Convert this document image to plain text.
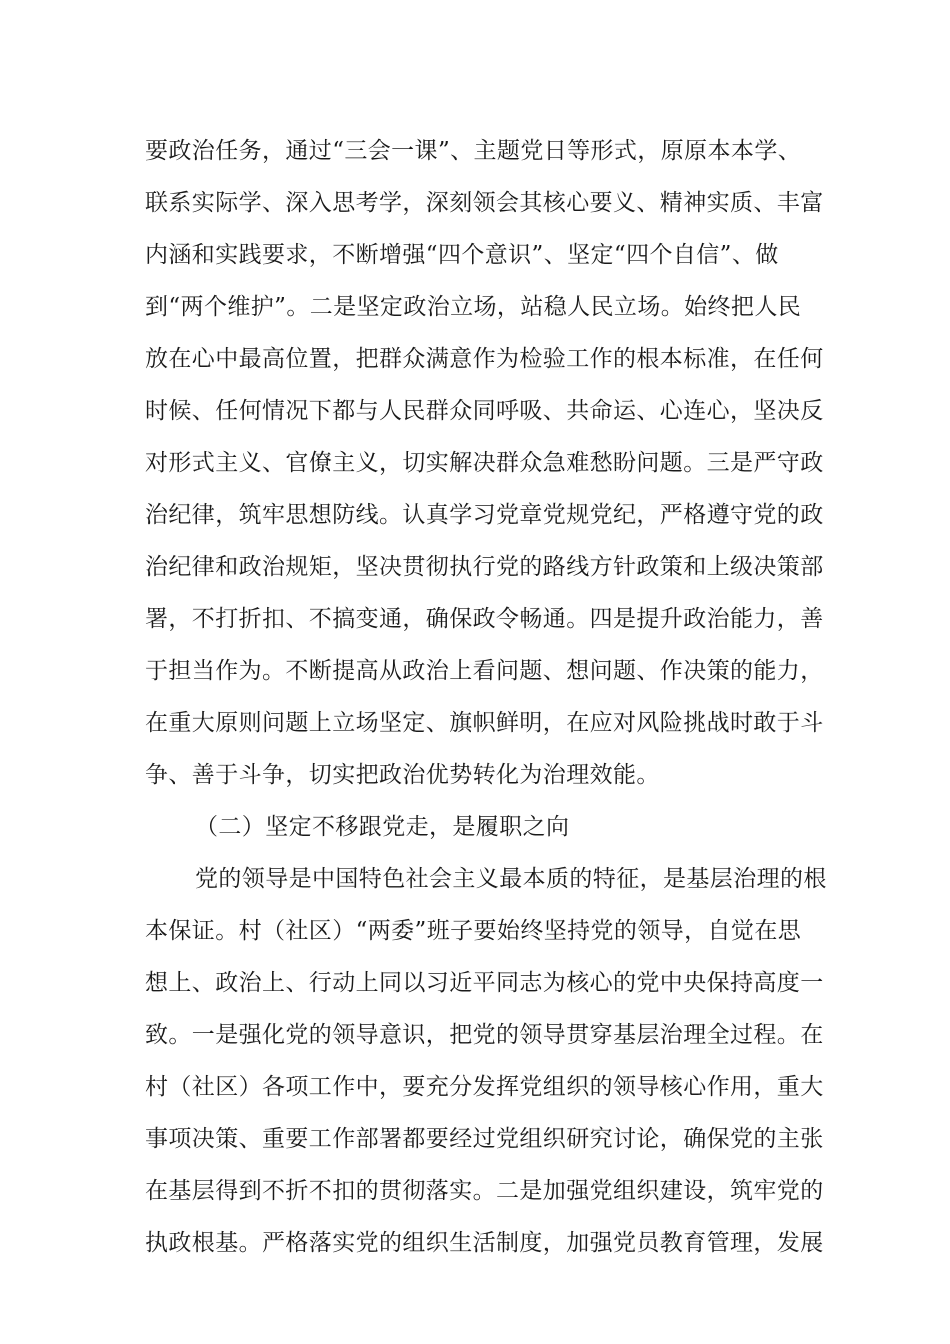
要政治任务，通过“三会一课”、主题党日等形式，原原本本学、
联系实际学、深入思考学，深刻领会其核心要义、精神实质、丰富
内涵和实践要求，不断增强“四个意识”、坚定“四个自信”、做
到“两个维护”。二是坚定政治立场，站稳人民立场。始终把人民
放在心中最高位置，把群众满意作为检验工作的根本标准，在任何
时候、任何情况下都与人民群众同呼吸、共命运、心连心，坚决反
对形式主义、官僚主义，切实解决群众急难愁盼问题。三是严守政
治纪律，筑牢思想防线。认真学习党章党规党纪，严格遵守党的政
治纪律和政治规矩，坚决贯彻执行党的路线方针政策和上级决策部
署，不打折扣、不搞变通，确保政令畅通。四是提升政治能力，善
于担当作为。不断提高从政治上看问题、想问题、作决策的能力，
在重大原则问题上立场坚定、旗帜鲜明，在应对风险挑战时敢于斗
争、善于斗争，切实把政治优势转化为治理效能。
（二）坚定不移跟党走，是履职之向
党的领导是中国特色社会主义最本质的特征，是基层治理的根
本保证。村（社区）“两委”班子要始终坚持党的领导，自觉在思
想上、政治上、行动上同以习近平同志为核心的党中央保持高度一
致。一是强化党的领导意识，把党的领导贯穿基层治理全过程。在
村（社区）各项工作中，要充分发挥党组织的领导核心作用，重大
事项决策、重要工作部署都要经过党组织研究讨论，确保党的主张
在基层得到不折不扣的贯彻落实。二是加强党组织建设，筑牢党的
执政根基。严格落实党的组织生活制度，加强党员教育管理，发展
